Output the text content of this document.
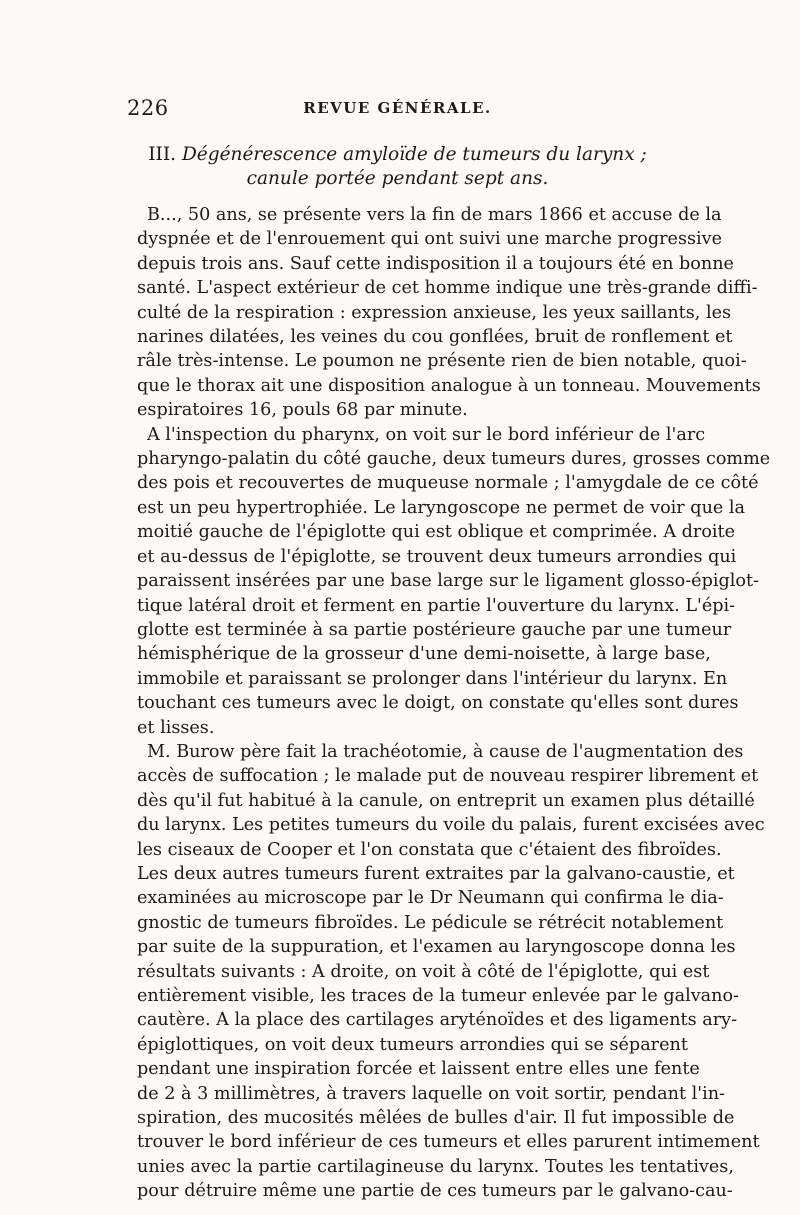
226	REVUE GÉNÉRALE.
III. Dégénérescence amyloïde de tumeurs du larynx ;
canule portée pendant sept ans.
B..., 50 ans, se présente vers la fin de mars 1866 et accuse de la
dyspnée et de l'enrouement qui ont suivi une marche progressive
depuis trois ans. Sauf cette indisposition il a toujours été en bonne
santé. L'aspect extérieur de cet homme indique une très-grande diffi-
culté de la respiration : expression anxieuse, les yeux saillants, les
narines dilatées, les veines du cou gonflées, bruit de ronflement et
râle très-intense. Le poumon ne présente rien de bien notable, quoi-
que le thorax ait une disposition analogue à un tonneau. Mouvements
espiratoires 16, pouls 68 par minute.
A l'inspection du pharynx, on voit sur le bord inférieur de l'arc
pharyngo-palatin du côté gauche, deux tumeurs dures, grosses comme
des pois et recouvertes de muqueuse normale ; l'amygdale de ce côté
est un peu hypertrophiée. Le laryngoscope ne permet de voir que la
moitié gauche de l'épiglotte qui est oblique et comprimée. A droite
et au-dessus de l'épiglotte, se trouvent deux tumeurs arrondies qui
paraissent insérées par une base large sur le ligament glosso-épiglot-
tique latéral droit et ferment en partie l'ouverture du larynx. L'épi-
glotte est terminée à sa partie postérieure gauche par une tumeur
hémisphérique de la grosseur d'une demi-noisette, à large base,
immobile et paraissant se prolonger dans l'intérieur du larynx. En
touchant ces tumeurs avec le doigt, on constate qu'elles sont dures
et lisses.
M. Burow père fait la trachéotomie, à cause de l'augmentation des
accès de suffocation ; le malade put de nouveau respirer librement et
dès qu'il fut habitué à la canule, on entreprit un examen plus détaillé
du larynx. Les petites tumeurs du voile du palais, furent excisées avec
les ciseaux de Cooper et l'on constata que c'étaient des fibroïdes.
Les deux autres tumeurs furent extraites par la galvano-caustie, et
examinées au microscope par le Dr Neumann qui confirma le dia-
gnostic de tumeurs fibroïdes. Le pédicule se rétrécit notablement
par suite de la suppuration, et l'examen au laryngoscope donna les
résultats suivants : A droite, on voit à côté de l'épiglotte, qui est
entièrement visible, les traces de la tumeur enlevée par le galvano-
cautère. A la place des cartilages aryténoïdes et des ligaments ary-
épiglottiques, on voit deux tumeurs arrondies qui se séparent
pendant une inspiration forcée et laissent entre elles une fente
de 2 à 3 millimètres, à travers laquelle on voit sortir, pendant l'in-
spiration, des mucosités mêlées de bulles d'air. Il fut impossible de
trouver le bord inférieur de ces tumeurs et elles parurent intimement
unies avec la partie cartilagineuse du larynx. Toutes les tentatives,
pour détruire même une partie de ces tumeurs par le galvano-cau-
